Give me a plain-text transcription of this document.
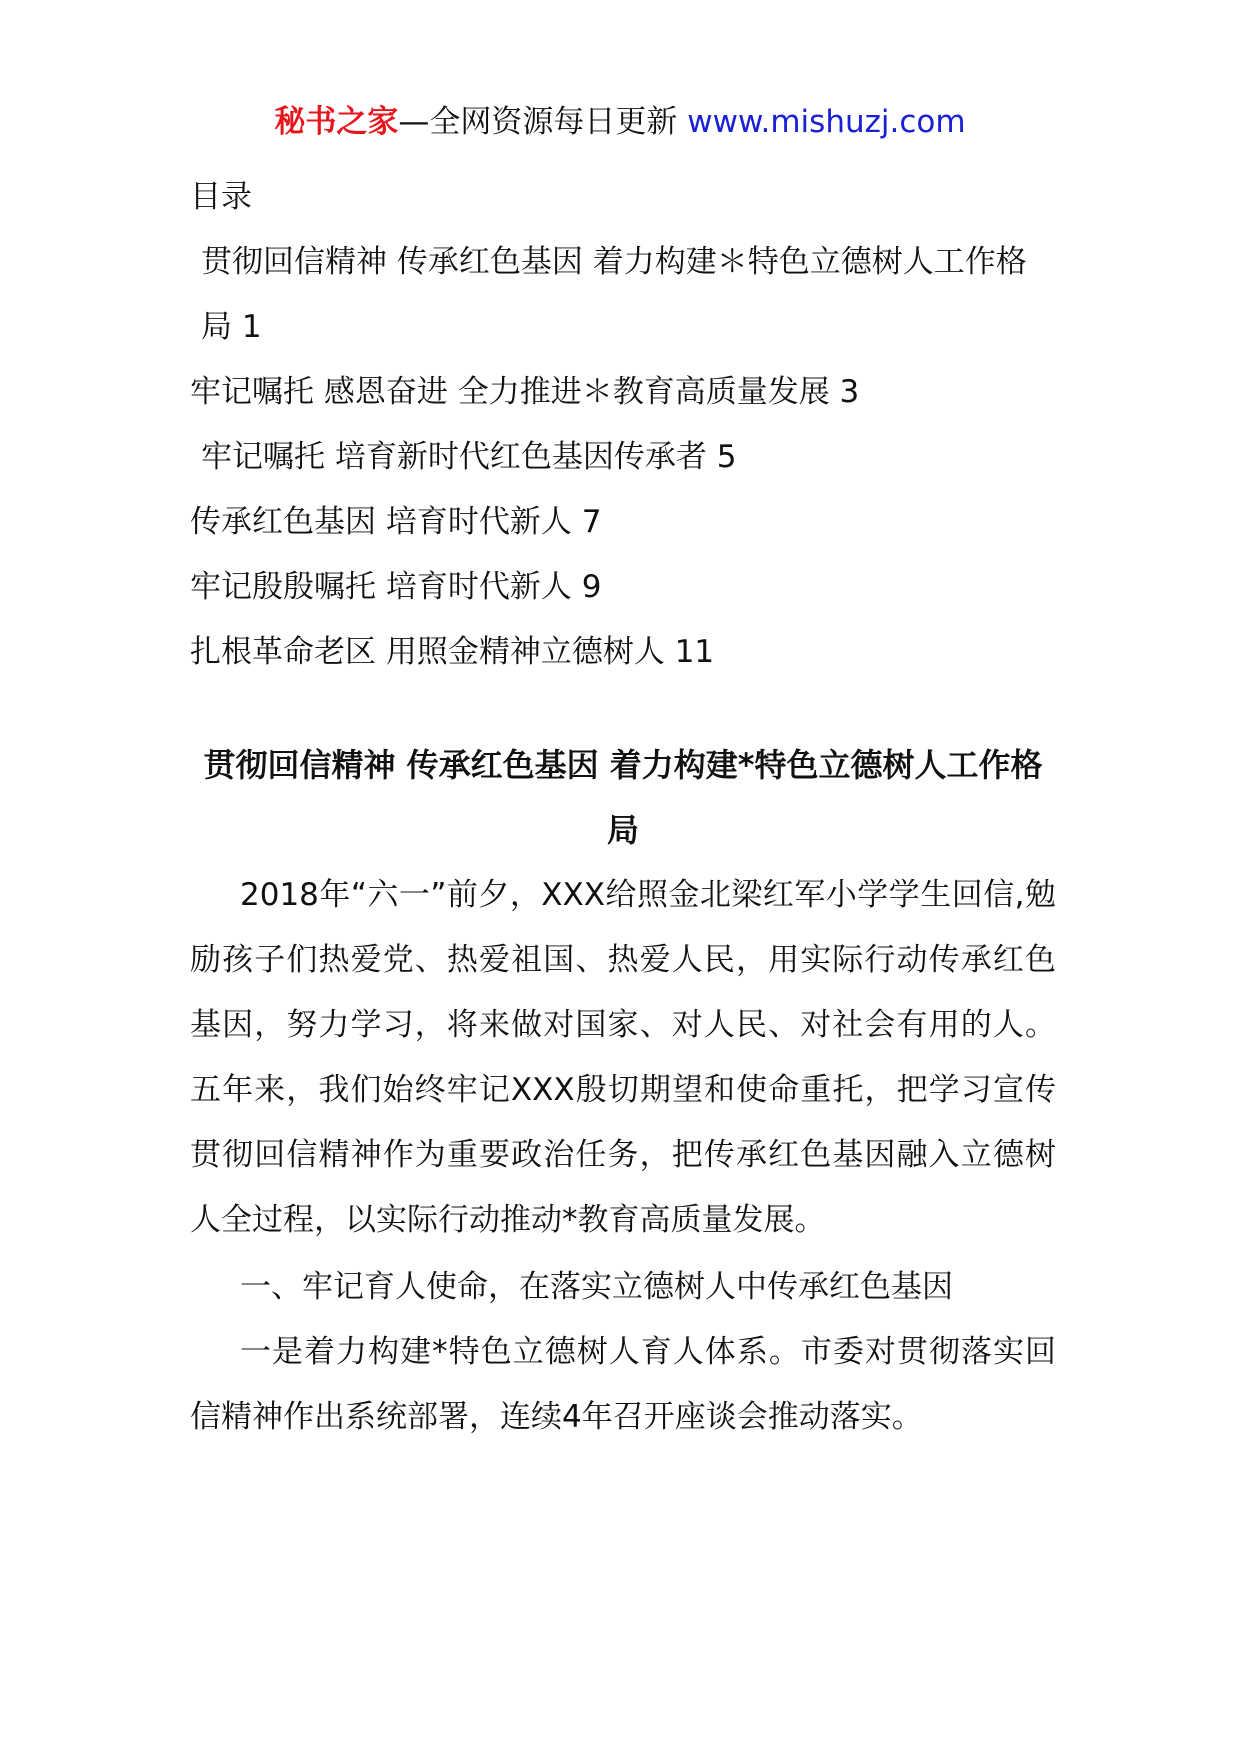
秘书之家—全网资源每日更新 www.mishuzj.com

目录

贯彻回信精神 传承红色基因 着力构建＊特色立德树人工作格局 1

牢记嘱托 感恩奋进 全力推进＊教育高质量发展 3

牢记嘱托 培育新时代红色基因传承者 5

传承红色基因 培育时代新人 7

牢记殷殷嘱托 培育时代新人 9

扎根革命老区 用照金精神立德树人 11

贯彻回信精神 传承红色基因 着力构建*特色立德树人工作格局

2018年“六一”前夕，XXX给照金北梁红军小学学生回信,勉励孩子们热爱党、热爱祖国、热爱人民，用实际行动传承红色基因，努力学习，将来做对国家、对人民、对社会有用的人。五年来，我们始终牢记XXX殷切期望和使命重托，把学习宣传贯彻回信精神作为重要政治任务，把传承红色基因融入立德树人全过程，以实际行动推动*教育高质量发展。

一、牢记育人使命，在落实立德树人中传承红色基因

一是着力构建*特色立德树人育人体系。市委对贯彻落实回信精神作出系统部署，连续4年召开座谈会推动落实。
